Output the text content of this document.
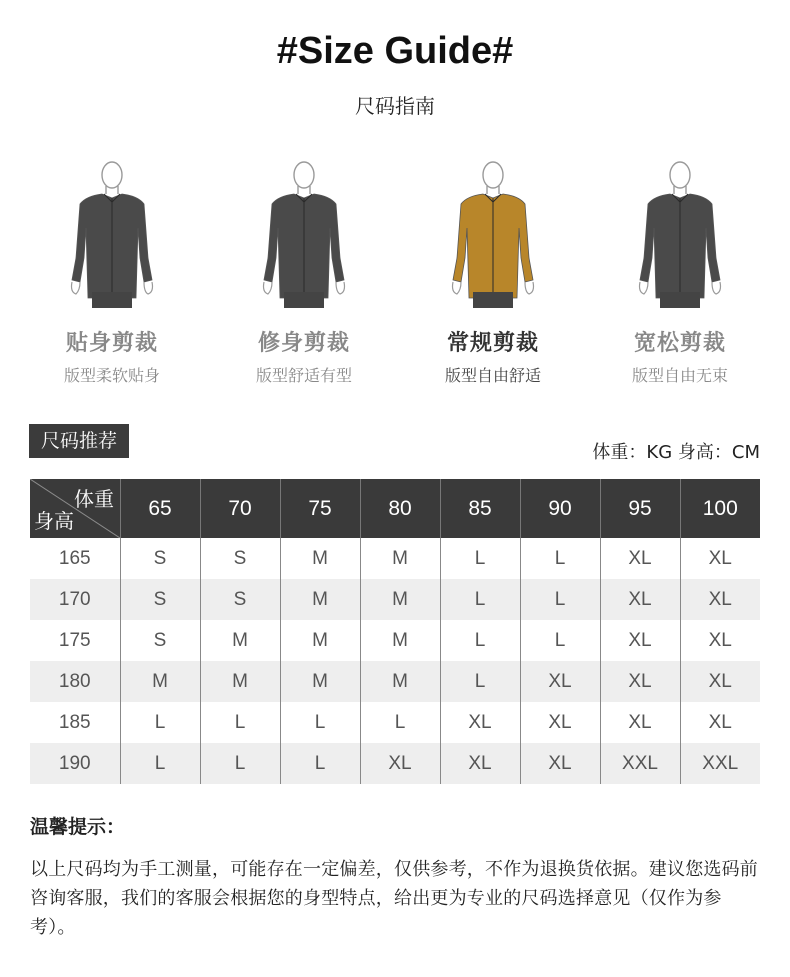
#Size Guide#
尺码指南
贴身剪裁
版型柔软贴身
修身剪裁
版型舒适有型
常规剪裁
版型自由舒适
宽松剪裁
版型自由无束
尺码推荐
体重：KG 身高：CM
体重
身高	65	70	75	80	85	90	95	100
165	S	S	M	M	L	L	XL	XL
170	S	S	M	M	L	L	XL	XL
175	S	M	M	M	L	L	XL	XL
180	M	M	M	M	L	XL	XL	XL
185	L	L	L	L	XL	XL	XL	XL
190	L	L	L	XL	XL	XL	XXL	XXL
温馨提示：
以上尺码均为手工测量，可能存在一定偏差，仅供参考，不作为退换货依据。建议您选码前咨询客服，我们的客服会根据您的身型特点，给出更为专业的尺码选择意见（仅作为参考）。
